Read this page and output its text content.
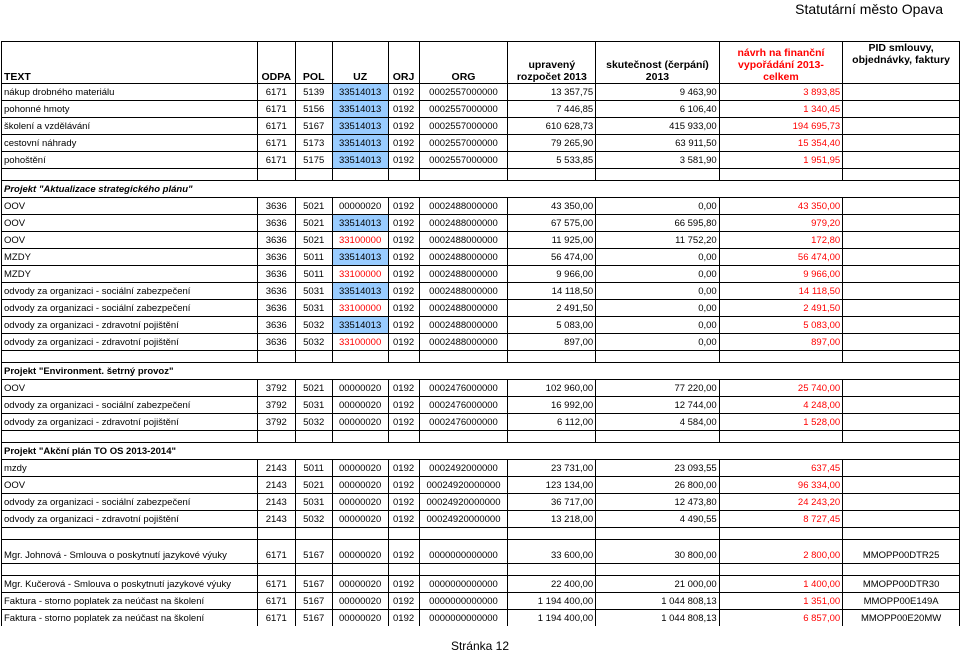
Statutární město Opava
TEXT	ODPA	POL	UZ	ORJ	ORG	upravený rozpočet 2013	skutečnost (čerpání) 2013	návrh na finanční vypořádání 2013-celkem	PID smlouvy, objednávky, faktury
nákup drobného materiálu	6171	5139	33514013	0192	0002557000000	13 357,75	9 463,90	3 893,85	
pohonné hmoty	6171	5156	33514013	0192	0002557000000	7 446,85	6 106,40	1 340,45	
školení a vzdělávání	6171	5167	33514013	0192	0002557000000	610 628,73	415 933,00	194 695,73	
cestovní náhrady	6171	5173	33514013	0192	0002557000000	79 265,90	63 911,50	15 354,40	
pohoštění	6171	5175	33514013	0192	0002557000000	5 533,85	3 581,90	1 951,95	

Projekt "Aktualizace strategického plánu"									
OOV	3636	5021	00000020	0192	0002488000000	43 350,00	0,00	43 350,00	
OOV	3636	5021	33514013	0192	0002488000000	67 575,00	66 595,80	979,20	
OOV	3636	5021	33100000	0192	0002488000000	11 925,00	11 752,20	172,80	
MZDY	3636	5011	33514013	0192	0002488000000	56 474,00	0,00	56 474,00	
MZDY	3636	5011	33100000	0192	0002488000000	9 966,00	0,00	9 966,00	
odvody za organizaci - sociální zabezpečení	3636	5031	33514013	0192	0002488000000	14 118,50	0,00	14 118,50	
odvody za organizaci - sociální zabezpečení	3636	5031	33100000	0192	0002488000000	2 491,50	0,00	2 491,50	
odvody za organizaci - zdravotní pojištění	3636	5032	33514013	0192	0002488000000	5 083,00	0,00	5 083,00	
odvody za organizaci - zdravotní pojištění	3636	5032	33100000	0192	0002488000000	897,00	0,00	897,00	

Projekt "Environment. šetrný provoz"									
OOV	3792	5021	00000020	0192	0002476000000	102 960,00	77 220,00	25 740,00	
odvody za organizaci - sociální zabezpečení	3792	5031	00000020	0192	0002476000000	16 992,00	12 744,00	4 248,00	
odvody za organizaci - zdravotní pojištění	3792	5032	00000020	0192	0002476000000	6 112,00	4 584,00	1 528,00	

Projekt "Akční plán TO OS 2013-2014"									
mzdy	2143	5011	00000020	0192	0002492000000	23 731,00	23 093,55	637,45	
OOV	2143	5021	00000020	0192	00024920000000	123 134,00	26 800,00	96 334,00	
odvody za organizaci - sociální zabezpečení	2143	5031	00000020	0192	00024920000000	36 717,00	12 473,80	24 243,20	
odvody za organizaci - zdravotní pojištění	2143	5032	00000020	0192	00024920000000	13 218,00	4 490,55	8 727,45	

Mgr. Johnová - Smlouva o poskytnutí jazykové výuky	6171	5167	00000020	0192	0000000000000	33 600,00	30 800,00	2 800,00	MMOPP00DTR25

Mgr. Kučerová - Smlouva o poskytnutí jazykové výuky	6171	5167	00000020	0192	0000000000000	22 400,00	21 000,00	1 400,00	MMOPP00DTR30
Faktura - storno poplatek za neúčast na školení	6171	5167	00000020	0192	0000000000000	1 194 400,00	1 044 808,13	1 351,00	MMOPP00E149A
Faktura - storno poplatek za neúčast na školení	6171	5167	00000020	0192	0000000000000	1 194 400,00	1 044 808,13	6 857,00	MMOPP00E20MW
Stránka 12
